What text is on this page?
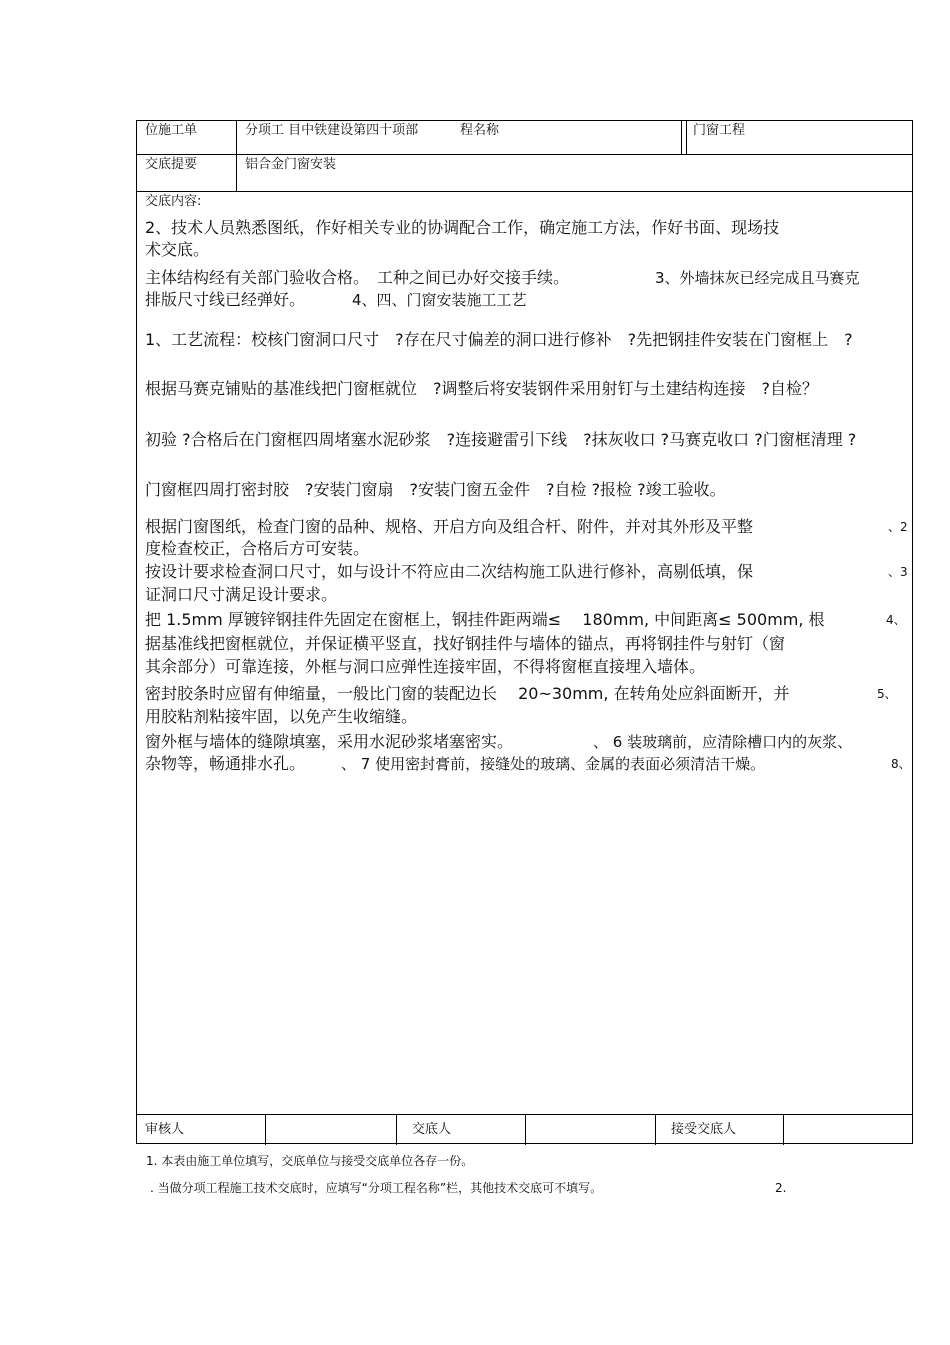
位施工单	分项工 目中铁建设第四十项部	程名称	门窗工程
交底提要	铝合金门窗安装
交底内容:
2、技术人员熟悉图纸，作好相关专业的协调配合工作，确定施工方法，作好书面、现场技
术交底。
主体结构经有关部门验收合格。　工种之间已办好交接手续。　	3、外墙抹灰已经完成且马赛克
排版尺寸线已经弹好。　	4、四、门窗安装施工工艺
1、工艺流程：校核门窗洞口尺寸　?存在尺寸偏差的洞口进行修补　?先把钢挂件安装在门窗框上　?
根据马赛克铺贴的基准线把门窗框就位　?调整后将安装钢件采用射钉与土建结构连接　?自检？
初验 ?合格后在门窗框四周堵塞水泥砂浆　?连接避雷引下线　?抹灰收口 ?马赛克收口 ?门窗框清理 ?
门窗框四周打密封胶　?安装门窗扇　?安装门窗五金件　?自检 ?报检 ?竣工验收。
根据门窗图纸，检查门窗的品种、规格、开启方向及组合杆、附件，并对其外形及平整	、2
度检查校正，合格后方可安装。
按设计要求检查洞口尺寸，如与设计不符应由二次结构施工队进行修补，高剔低填，保	、3
证洞口尺寸满足设计要求。
把 1.5mm 厚镀锌钢挂件先固定在窗框上，钢挂件距两端≤　 180mm, 中间距离≤ 500mm, 根	4、
据基准线把窗框就位，并保证横平竖直，找好钢挂件与墙体的锚点，再将钢挂件与射钉（窗
其余部分）可靠连接，外框与洞口应弹性连接牢固，不得将窗框直接埋入墙体。
密封胶条时应留有伸缩量，一般比门窗的装配边长　 20~30mm, 在转角处应斜面断开，并	5、
用胶粘剂粘接牢固，以免产生收缩缝。
窗外框与墙体的缝隙填塞，采用水泥砂浆堵塞密实。	、 6 装玻璃前，应清除槽口内的灰浆、
杂物等，畅通排水孔。 、 7 使用密封膏前，接缝处的玻璃、金属的表面必须清洁干燥。	8、
审核人	交底人	接受交底人
1. 本表由施工单位填写，交底单位与接受交底单位各存一份。
. 当做分项工程施工技术交底时，应填写“分项工程名称”栏，其他技术交底可不填写。	2.
